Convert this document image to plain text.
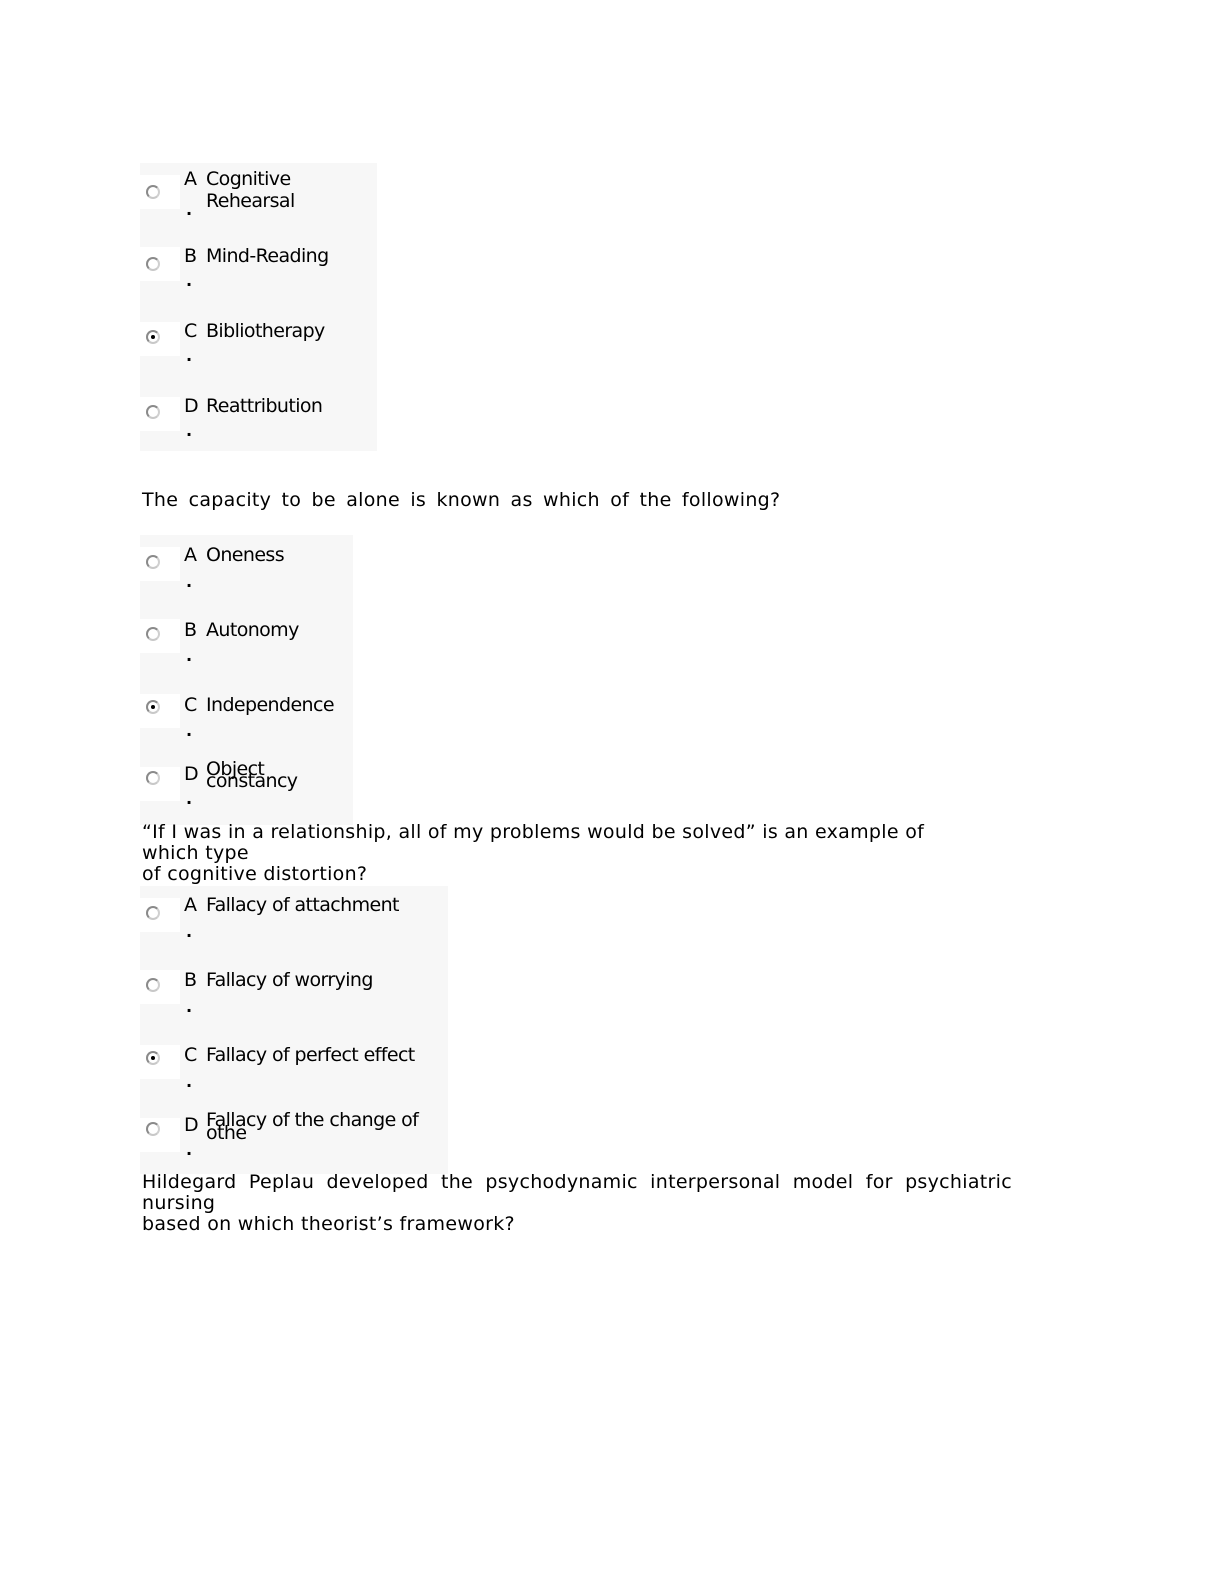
A Cognitive
Rehearsal
.
B Mind-Reading
.
C Bibliotherapy
.
D Reattribution
.
The capacity to be alone is known as which of the following?
A Oneness
.
B Autonomy
.
C Independence
.
D Object constancy
.
“If I was in a relationship, all of my problems would be solved” is an example of
which type
of cognitive distortion?
A Fallacy of attachment
.
B Fallacy of worrying
.
C Fallacy of perfect effect
.
D Fallacy of the change of othe
.
Hildegard Peplau developed the psychodynamic interpersonal model for psychiatric
nursing
based on which theorist’s framework?
